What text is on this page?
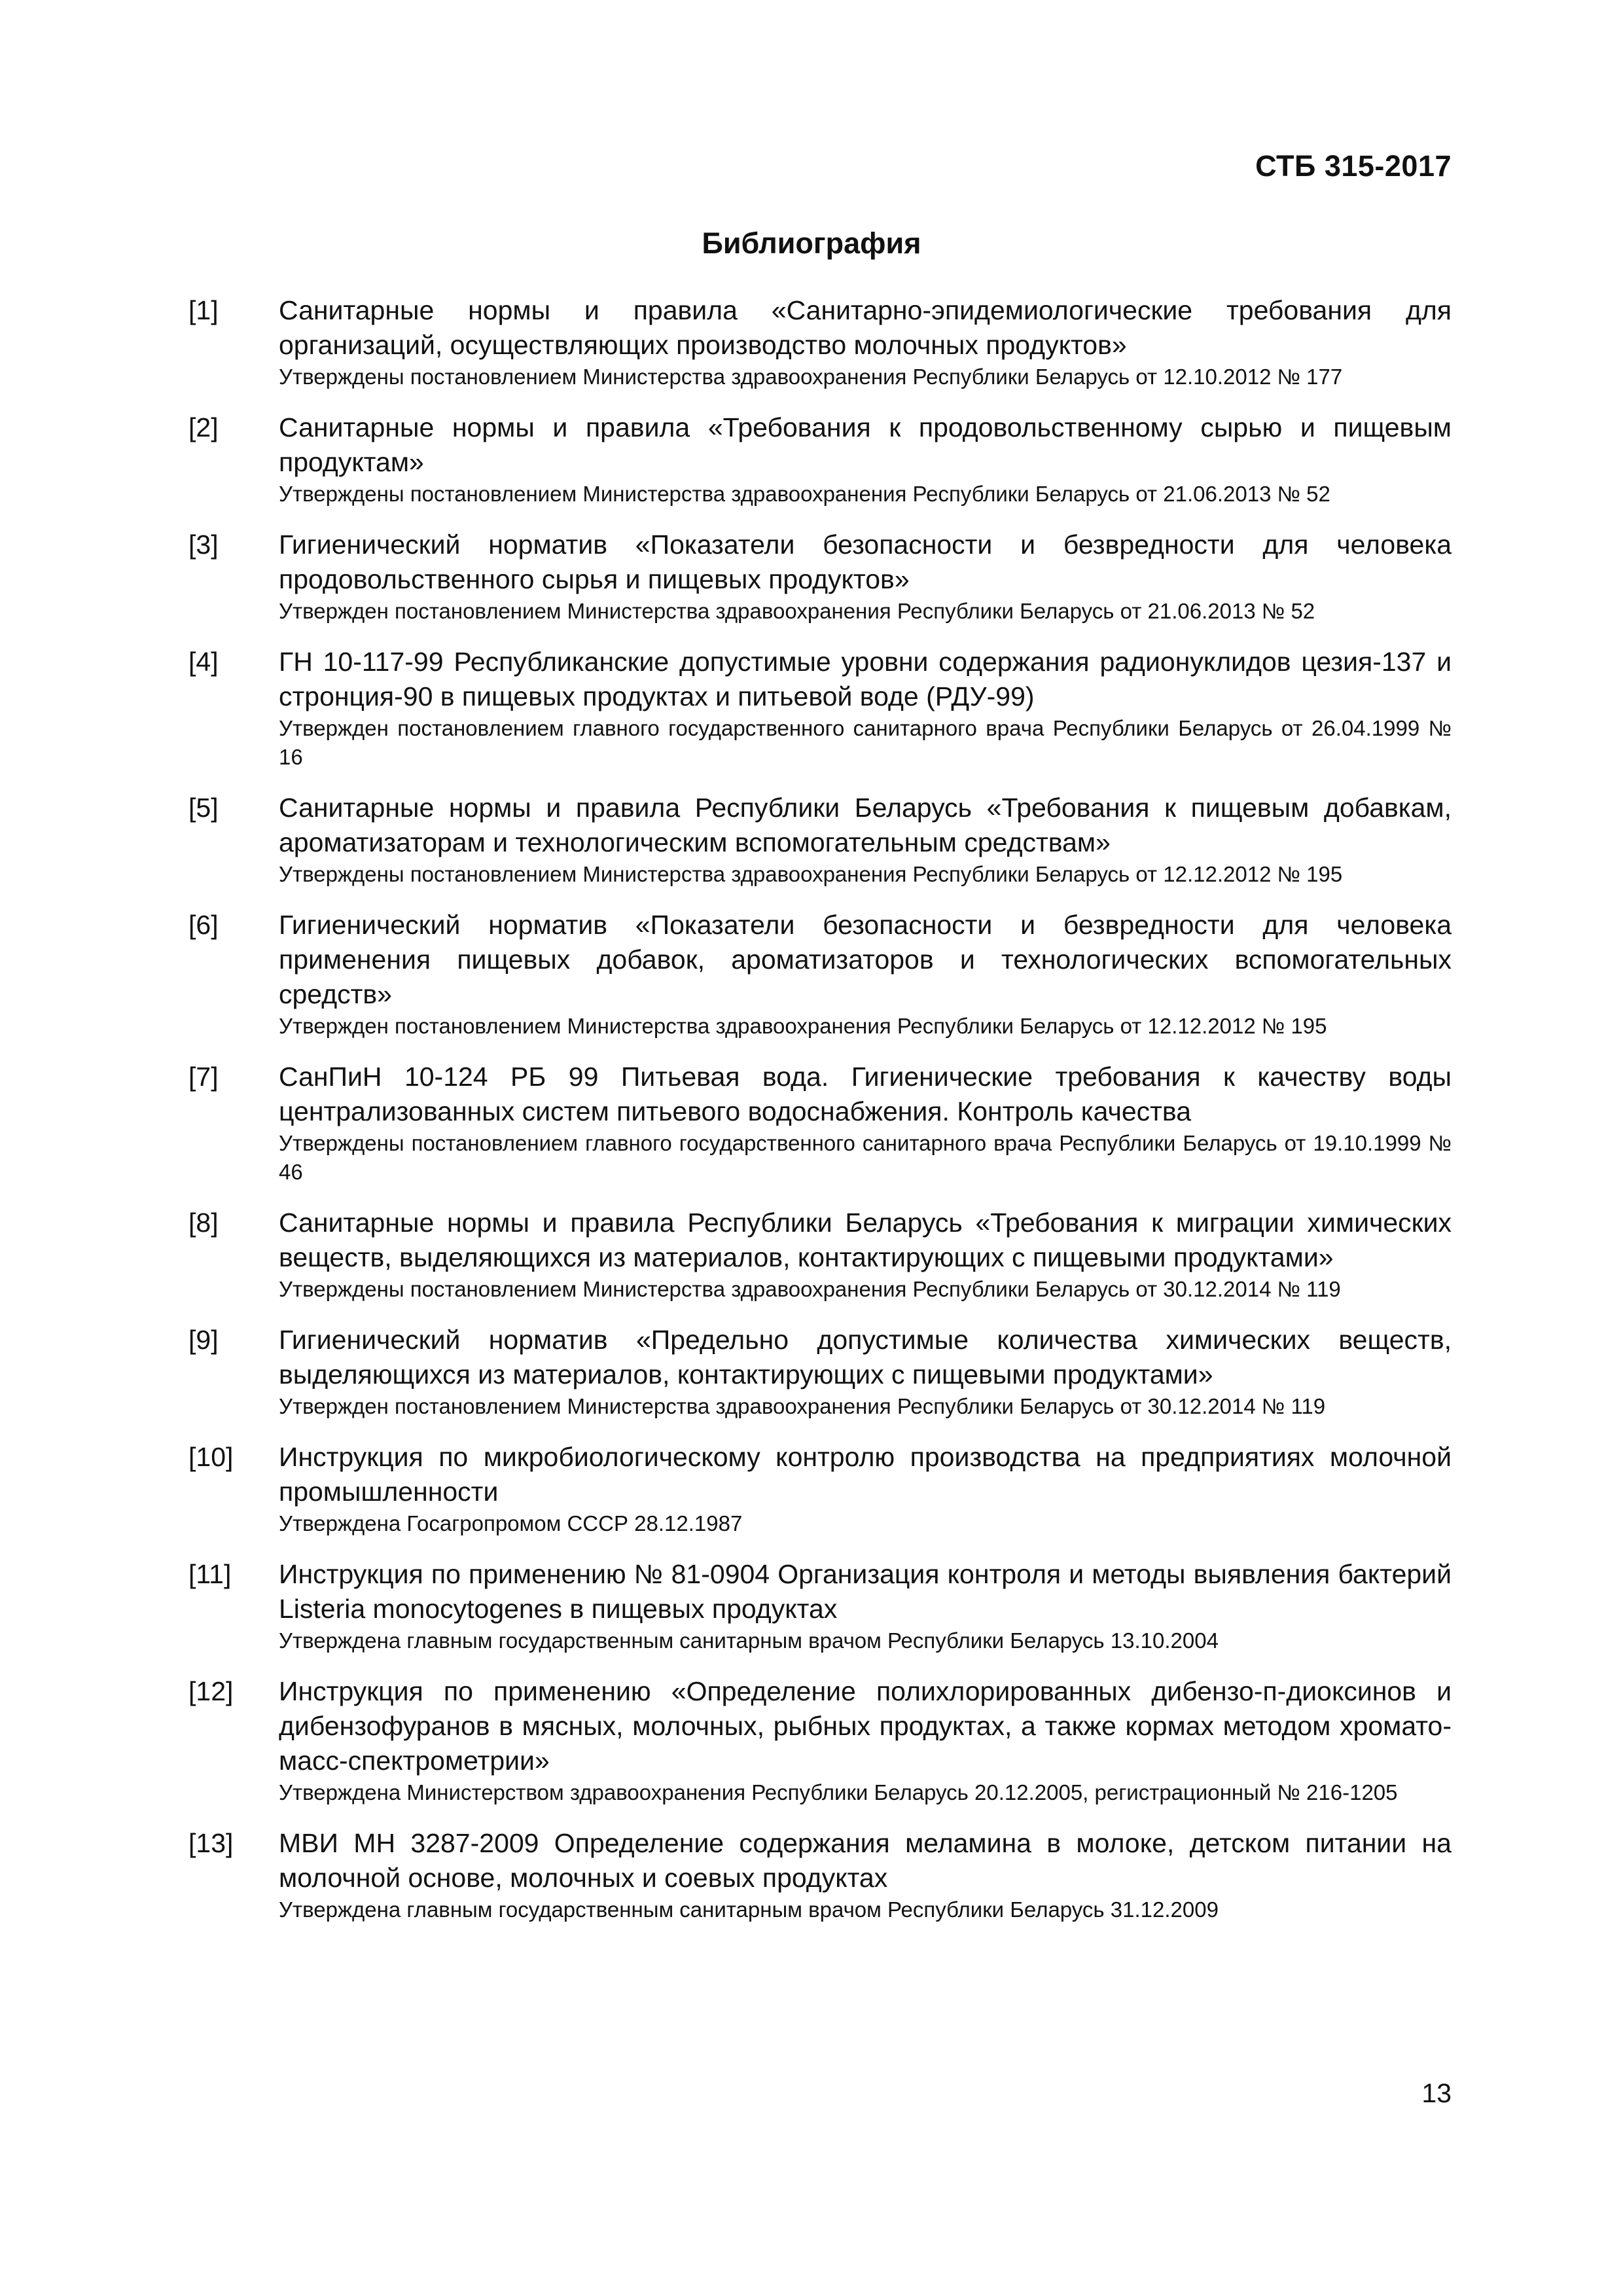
СТБ 315-2017
Библиография
[1] Санитарные нормы и правила «Санитарно-эпидемиологические требования для организаций, осуществляющих производство молочных продуктов»
Утверждены постановлением Министерства здравоохранения Республики Беларусь от 12.10.2012 № 177
[2] Санитарные нормы и правила «Требования к продовольственному сырью и пищевым продуктам»
Утверждены постановлением Министерства здравоохранения Республики Беларусь от 21.06.2013 № 52
[3] Гигиенический норматив «Показатели безопасности и безвредности для человека продовольственного сырья и пищевых продуктов»
Утвержден постановлением Министерства здравоохранения Республики Беларусь от 21.06.2013 № 52
[4] ГН 10-117-99 Республиканские допустимые уровни содержания радионуклидов цезия-137 и стронция-90 в пищевых продуктах и питьевой воде (РДУ-99)
Утвержден постановлением главного государственного санитарного врача Республики Беларусь от 26.04.1999 № 16
[5] Санитарные нормы и правила Республики Беларусь «Требования к пищевым добавкам, ароматизаторам и технологическим вспомогательным средствам»
Утверждены постановлением Министерства здравоохранения Республики Беларусь от 12.12.2012 № 195
[6] Гигиенический норматив «Показатели безопасности и безвредности для человека применения пищевых добавок, ароматизаторов и технологических вспомогательных средств»
Утвержден постановлением Министерства здравоохранения Республики Беларусь от 12.12.2012 № 195
[7] СанПиН 10-124 РБ 99 Питьевая вода. Гигиенические требования к качеству воды централизованных систем питьевого водоснабжения. Контроль качества
Утверждены постановлением главного государственного санитарного врача Республики Беларусь от 19.10.1999 № 46
[8] Санитарные нормы и правила Республики Беларусь «Требования к миграции химических веществ, выделяющихся из материалов, контактирующих с пищевыми продуктами»
Утверждены постановлением Министерства здравоохранения Республики Беларусь от 30.12.2014 № 119
[9] Гигиенический норматив «Предельно допустимые количества химических веществ, выделяющихся из материалов, контактирующих с пищевыми продуктами»
Утвержден постановлением Министерства здравоохранения Республики Беларусь от 30.12.2014 № 119
[10] Инструкция по микробиологическому контролю производства на предприятиях молочной промышленности
Утверждена Госагропромом СССР 28.12.1987
[11] Инструкция по применению № 81-0904 Организация контроля и методы выявления бактерий Listeria monocytogenes в пищевых продуктах
Утверждена главным государственным санитарным врачом Республики Беларусь 13.10.2004
[12] Инструкция по применению «Определение полихлорированных дибензо-п-диоксинов и дибензофуранов в мясных, молочных, рыбных продуктах, а также кормах методом хромато-масс-спектрометрии»
Утверждена Министерством здравоохранения Республики Беларусь 20.12.2005, регистрационный № 216-1205
[13] МВИ МН 3287-2009 Определение содержания меламина в молоке, детском питании на молочной основе, молочных и соевых продуктах
Утверждена главным государственным санитарным врачом Республики Беларусь 31.12.2009
13
